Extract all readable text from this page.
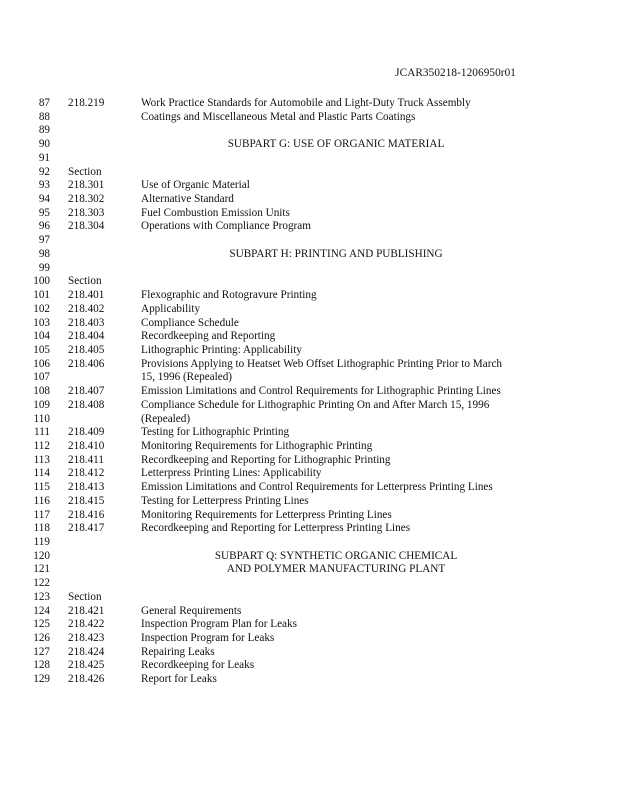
JCAR350218-1206950r01
87 218.219	Work Practice Standards for Automobile and Light-Duty Truck Assembly
88	Coatings and Miscellaneous Metal and Plastic Parts Coatings
89
90	SUBPART G: USE OF ORGANIC MATERIAL
91
92 Section
93 218.301	Use of Organic Material
94 218.302	Alternative Standard
95 218.303	Fuel Combustion Emission Units
96 218.304	Operations with Compliance Program
97
98	SUBPART H: PRINTING AND PUBLISHING
99
100 Section
101 218.401	Flexographic and Rotogravure Printing
102 218.402	Applicability
103 218.403	Compliance Schedule
104 218.404	Recordkeeping and Reporting
105 218.405	Lithographic Printing: Applicability
106 218.406	Provisions Applying to Heatset Web Offset Lithographic Printing Prior to March
107	15, 1996 (Repealed)
108 218.407	Emission Limitations and Control Requirements for Lithographic Printing Lines
109 218.408	Compliance Schedule for Lithographic Printing On and After March 15, 1996
110	(Repealed)
111 218.409	Testing for Lithographic Printing
112 218.410	Monitoring Requirements for Lithographic Printing
113 218.411	Recordkeeping and Reporting for Lithographic Printing
114 218.412	Letterpress Printing Lines: Applicability
115 218.413	Emission Limitations and Control Requirements for Letterpress Printing Lines
116 218.415	Testing for Letterpress Printing Lines
117 218.416	Monitoring Requirements for Letterpress Printing Lines
118 218.417	Recordkeeping and Reporting for Letterpress Printing Lines
119
120	SUBPART Q: SYNTHETIC ORGANIC CHEMICAL
121	AND POLYMER MANUFACTURING PLANT
122
123 Section
124 218.421	General Requirements
125 218.422	Inspection Program Plan for Leaks
126 218.423	Inspection Program for Leaks
127 218.424	Repairing Leaks
128 218.425	Recordkeeping for Leaks
129 218.426	Report for Leaks
